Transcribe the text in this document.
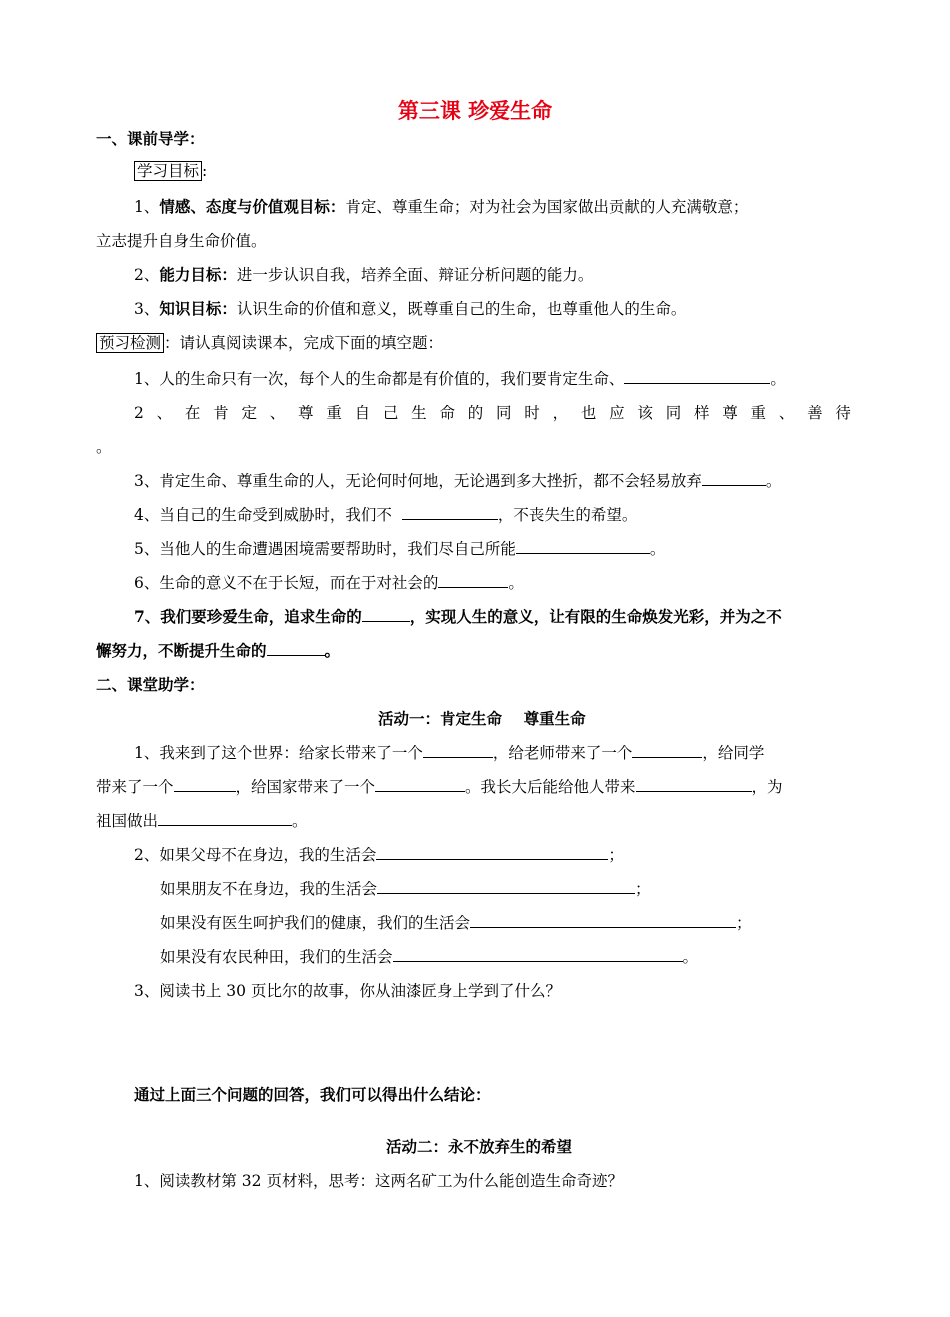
第三课 珍爱生命
一、课前导学：
学习目标 :
1、情感、态度与价值观目标：肯定、尊重生命；对为社会为国家做出贡献的人充满敬意；
立志提升自身生命价值。
2、能力目标：进一步认识自我，培养全面、辩证分析问题的能力。
3、知识目标：认识生命的价值和意义，既尊重自己的生命，也尊重他人的生命。
预习检测 ：请认真阅读课本，完成下面的填空题：
1、人的生命只有一次，每个人的生命都是有价值的，我们要肯定生命、	。
2 、 在 肯 定 、 尊 重 自 己 生 命 的 同 时 ， 也 应 该 同 样 尊 重 、 善 待
。
3、肯定生命、尊重生命的人，无论何时何地，无论遇到多大挫折，都不会轻易放弃	。
4、当自己的生命受到威胁时，我们不	，不丧失生的希望。
5、当他人的生命遭遇困境需要帮助时，我们尽自己所能	。
6、生命的意义不在于长短，而在于对社会的	。
7、我们要珍爱生命，追求生命的	，实现人生的意义，让有限的生命焕发光彩，并为之不
懈努力，不断提升生命的	。
二、课堂助学：
活动一：肯定生命    尊重生命
1、我来到了这个世界：给家长带来了一个	，给老师带来了一个	，给同学
带来了一个	，给国家带来了一个	。我长大后能给他人带来	，为
祖国做出	。
2、如果父母不在身边，我的生活会	；
如果朋友不在身边，我的生活会	；
如果没有医生呵护我们的健康，我们的生活会	；
如果没有农民种田，我们的生活会	。
3、阅读书上 30 页比尔的故事，你从油漆匠身上学到了什么？
通过上面三个问题的回答，我们可以得出什么结论：
活动二：永不放弃生的希望
1、阅读教材第 32 页材料，思考：这两名矿工为什么能创造生命奇迹？
